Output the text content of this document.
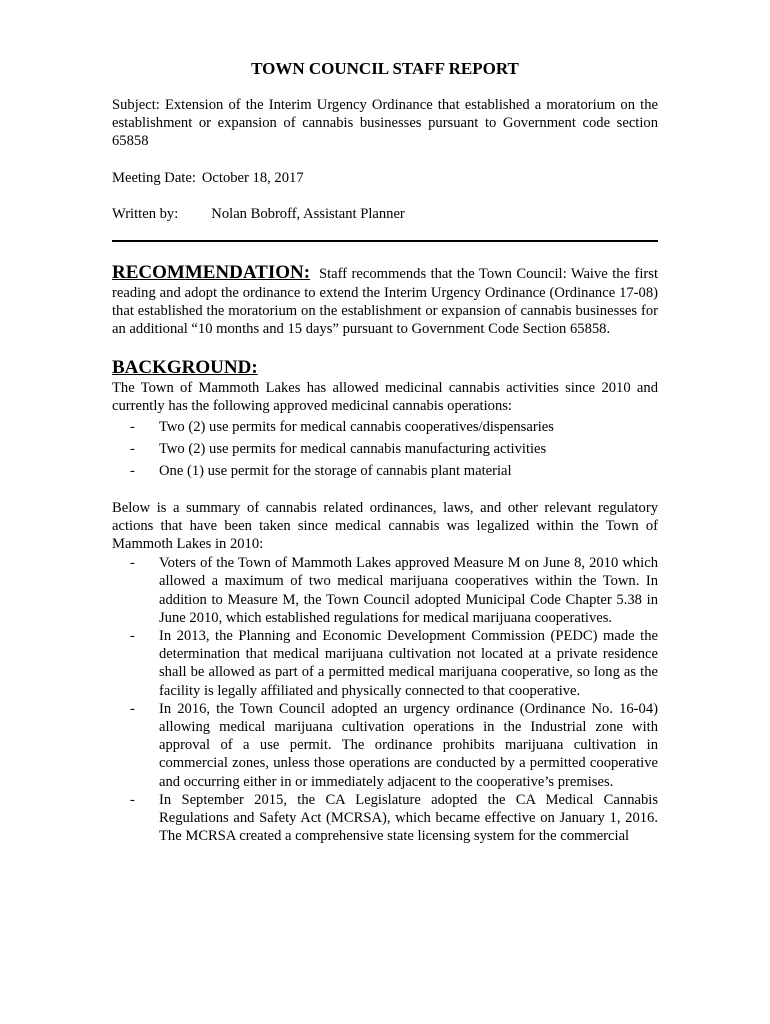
TOWN COUNCIL STAFF REPORT

Subject: Extension of the Interim Urgency Ordinance that established a moratorium on the establishment or expansion of cannabis businesses pursuant to Government code section 65858

Meeting Date: October 18, 2017
Written by: Nolan Bobroff, Assistant Planner

RECOMMENDATION: Staff recommends that the Town Council: Waive the first reading and adopt the ordinance to extend the Interim Urgency Ordinance (Ordinance 17-08) that established the moratorium on the establishment or expansion of cannabis businesses for an additional “10 months and 15 days” pursuant to Government Code Section 65858.

BACKGROUND:

The Town of Mammoth Lakes has allowed medicinal cannabis activities since 2010 and currently has the following approved medicinal cannabis operations:

- Two (2) use permits for medical cannabis cooperatives/dispensaries
- Two (2) use permits for medical cannabis manufacturing activities
- One (1) use permit for the storage of cannabis plant material

Below is a summary of cannabis related ordinances, laws, and other relevant regulatory actions that have been taken since medical cannabis was legalized within the Town of Mammoth Lakes in 2010:

- Voters of the Town of Mammoth Lakes approved Measure M on June 8, 2010 which allowed a maximum of two medical marijuana cooperatives within the Town. In addition to Measure M, the Town Council adopted Municipal Code Chapter 5.38 in June 2010, which established regulations for medical marijuana cooperatives.
- In 2013, the Planning and Economic Development Commission (PEDC) made the determination that medical marijuana cultivation not located at a private residence shall be allowed as part of a permitted medical marijuana cooperative, so long as the facility is legally affiliated and physically connected to that cooperative.
- In 2016, the Town Council adopted an urgency ordinance (Ordinance No. 16-04) allowing medical marijuana cultivation operations in the Industrial zone with approval of a use permit. The ordinance prohibits marijuana cultivation in commercial zones, unless those operations are conducted by a permitted cooperative and occurring either in or immediately adjacent to the cooperative’s premises.
- In September 2015, the CA Legislature adopted the CA Medical Cannabis Regulations and Safety Act (MCRSA), which became effective on January 1, 2016. The MCRSA created a comprehensive state licensing system for the commercial
